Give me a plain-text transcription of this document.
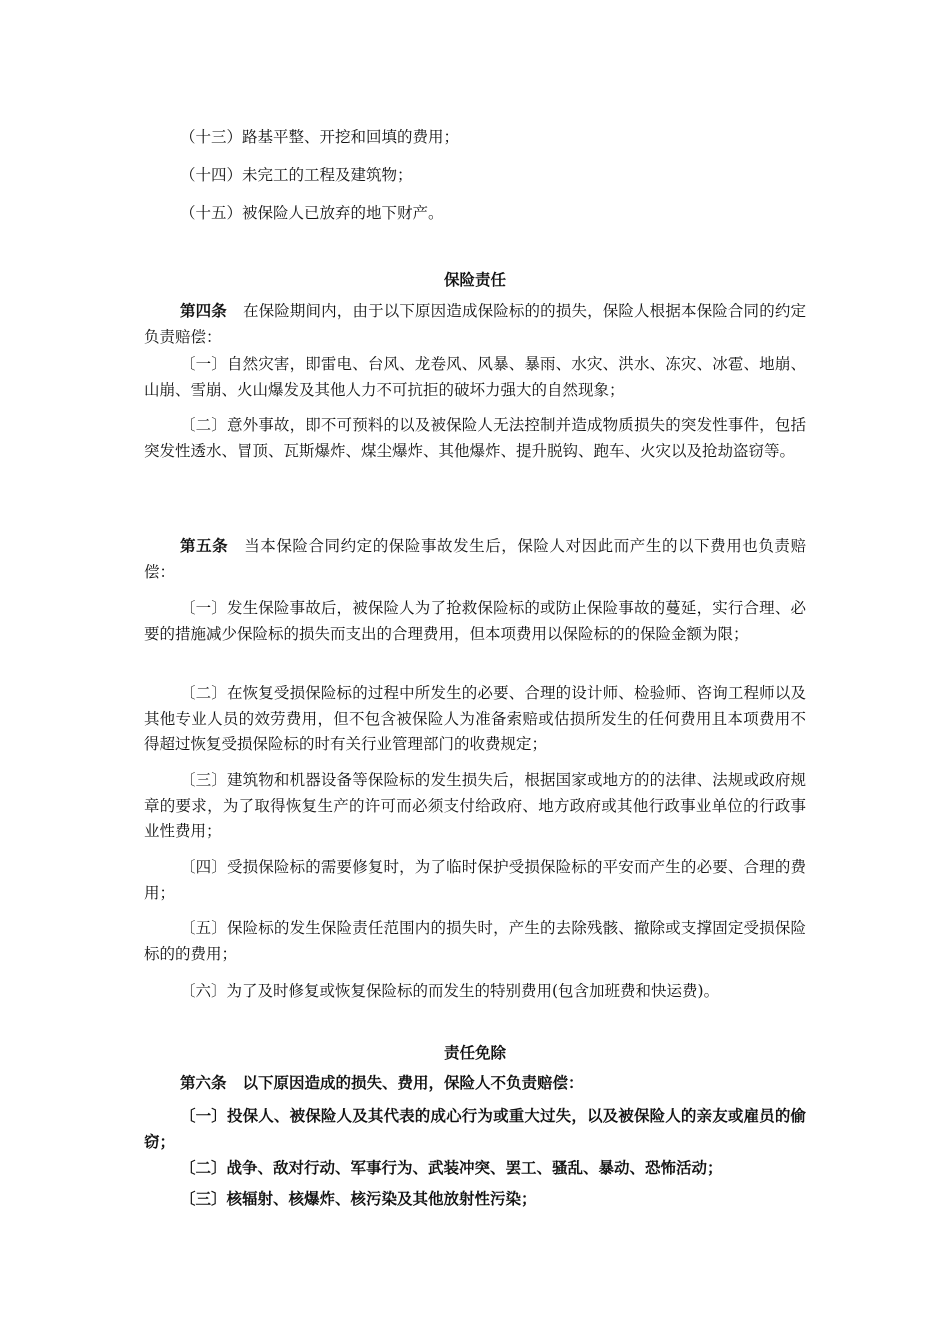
（十三）路基平整、开挖和回填的费用；

（十四）未完工的工程及建筑物；

（十五）被保险人已放弃的地下财产。

保险责任

第四条 在保险期间内，由于以下原因造成保险标的的损失，保险人根据本保险合同的约定负责赔偿：

〔一〕自然灾害，即雷电、台风、龙卷风、风暴、暴雨、水灾、洪水、冻灾、冰雹、地崩、山崩、雪崩、火山爆发及其他人力不可抗拒的破坏力强大的自然现象；

〔二〕意外事故，即不可预料的以及被保险人无法控制并造成物质损失的突发性事件，包括突发性透水、冒顶、瓦斯爆炸、煤尘爆炸、其他爆炸、提升脱钩、跑车、火灾以及抢劫盗窃等。

第五条 当本保险合同约定的保险事故发生后，保险人对因此而产生的以下费用也负责赔偿：

〔一〕发生保险事故后，被保险人为了抢救保险标的或防止保险事故的蔓延，实行合理、必要的措施减少保险标的损失而支出的合理费用，但本项费用以保险标的的保险金额为限；

〔二〕在恢复受损保险标的过程中所发生的必要、合理的设计师、检验师、咨询工程师以及其他专业人员的效劳费用，但不包含被保险人为准备索赔或估损所发生的任何费用且本项费用不得超过恢复受损保险标的时有关行业管理部门的收费规定；

〔三〕建筑物和机器设备等保险标的发生损失后，根据国家或地方的的法律、法规或政府规章的要求，为了取得恢复生产的许可而必须支付给政府、地方政府或其他行政事业单位的行政事业性费用；

〔四〕受损保险标的需要修复时，为了临时保护受损保险标的平安而产生的必要、合理的费用；

〔五〕保险标的发生保险责任范围内的损失时，产生的去除残骸、撤除或支撑固定受损保险标的的费用；

〔六〕为了及时修复或恢复保险标的而发生的特别费用(包含加班费和快运费)。

责任免除

第六条 以下原因造成的损失、费用，保险人不负责赔偿：

〔一〕投保人、被保险人及其代表的成心行为或重大过失，以及被保险人的亲友或雇员的偷窃；

〔二〕战争、敌对行动、军事行为、武装冲突、罢工、骚乱、暴动、恐怖活动；

〔三〕核辐射、核爆炸、核污染及其他放射性污染；
